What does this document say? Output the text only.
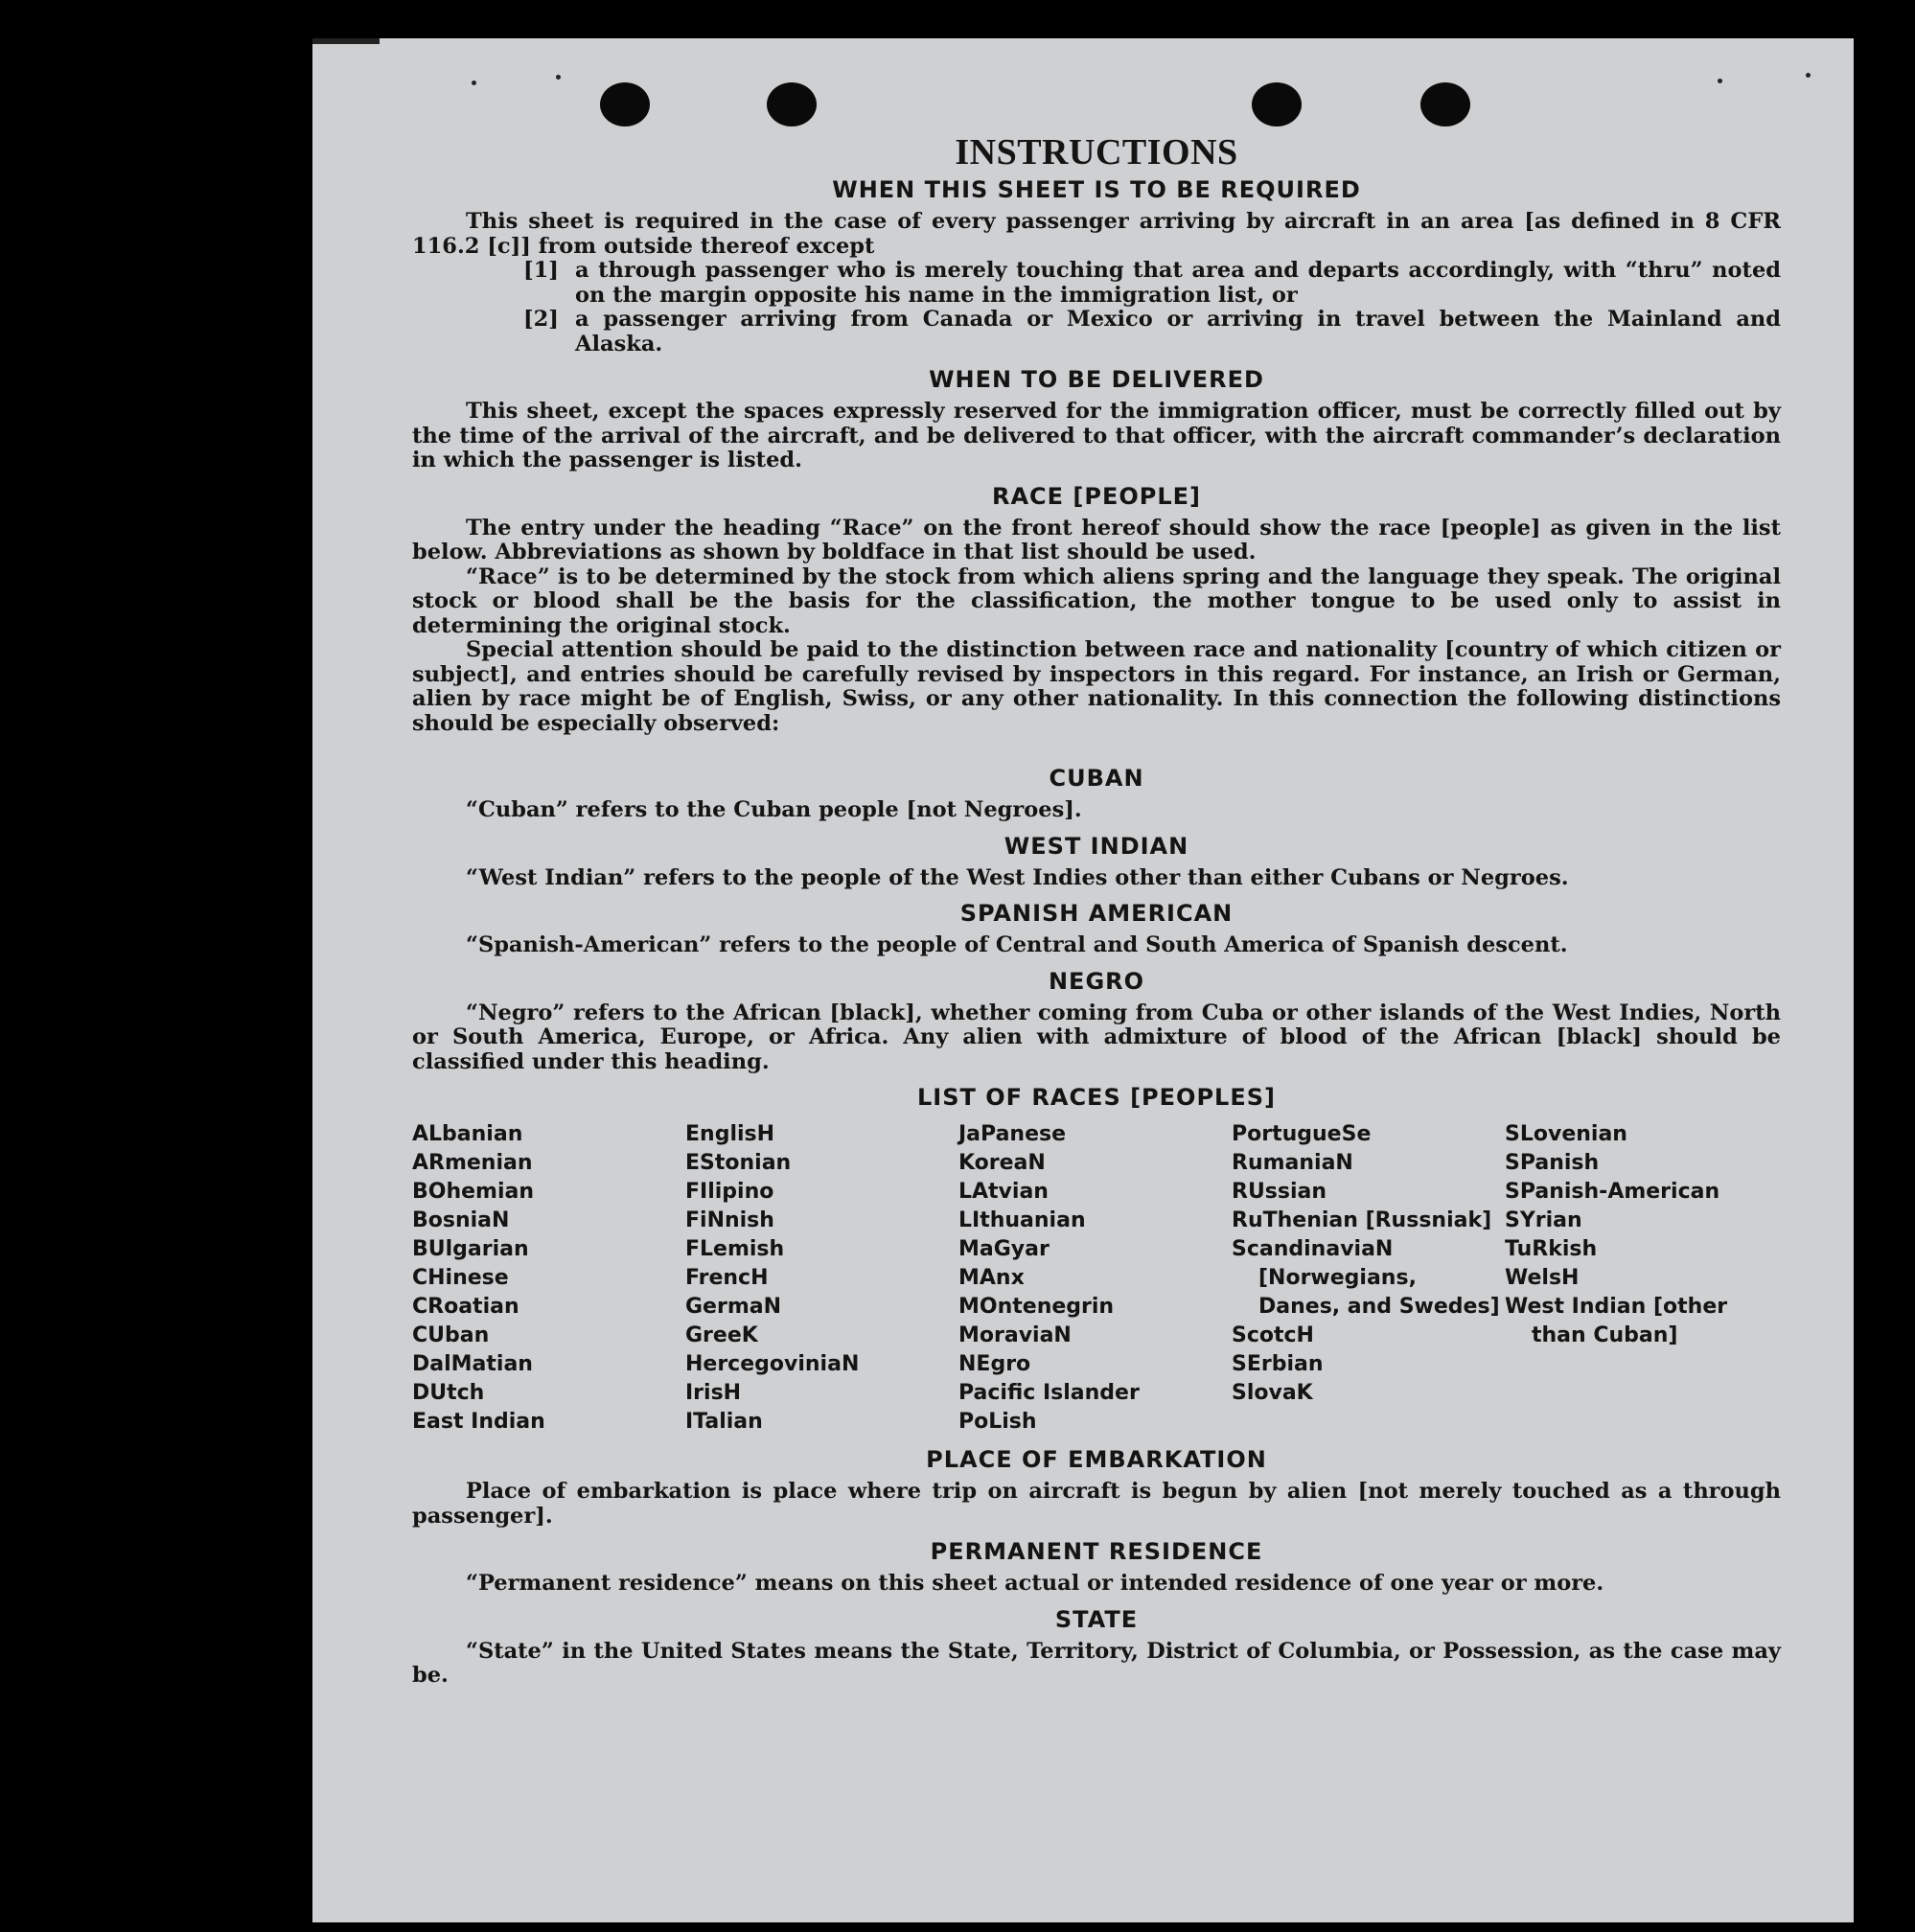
INSTRUCTIONS
WHEN THIS SHEET IS TO BE REQUIRED

This sheet is required in the case of every passenger arriving by aircraft in an area [as defined in 8 CFR 116.2 [c]] from outside thereof except

[1] a through passenger who is merely touching that area and departs accordingly, with “thru” noted on the margin opposite his name in the immigration list, or
[2] a passenger arriving from Canada or Mexico or arriving in travel between the Mainland and Alaska.
WHEN TO BE DELIVERED

This sheet, except the spaces expressly reserved for the immigration officer, must be correctly filled out by the time of the arrival of the aircraft, and be delivered to that officer, with the aircraft commander’s declaration in which the passenger is listed.

RACE [PEOPLE]

The entry under the heading “Race” on the front hereof should show the race [people] as given in the list below. Abbreviations as shown by boldface in that list should be used.

“Race” is to be determined by the stock from which aliens spring and the language they speak. The original stock or blood shall be the basis for the classification, the mother tongue to be used only to assist in determining the original stock.

Special attention should be paid to the distinction between race and nationality [country of which citizen or subject], and entries should be carefully revised by inspectors in this regard. For instance, an Irish or German, alien by race might be of English, Swiss, or any other nationality. In this connection the following distinctions should be especially observed:

CUBAN

“Cuban” refers to the Cuban people [not Negroes].

WEST INDIAN

“West Indian” refers to the people of the West Indies other than either Cubans or Negroes.

SPANISH AMERICAN

“Spanish-American” refers to the people of Central and South America of Spanish descent.

NEGRO

“Negro” refers to the African [black], whether coming from Cuba or other islands of the West Indies, North or South America, Europe, or Africa. Any alien with admixture of blood of the African [black] should be classified under this heading.

LIST OF RACES [PEOPLES]
ALbanian
ARmenian
BOhemian
BosniaN
BUlgarian
CHinese
CRoatian
CUban
DalMatian
DUtch
East Indian
EnglisH
EStonian
FIlipino
FiNnish
FLemish
FrencH
GermaN
GreeK
HercegoviniaN
IrisH
ITalian
JaPanese
KoreaN
LAtvian
LIthuanian
MaGyar
MAnx
MOntenegrin
MoraviaN
NEgro
Pacific Islander
PoLish
PortugueSe
RumaniaN
RUssian
RuThenian [Russniak]
ScandinaviaN [Norwegians, Danes, and Swedes]
ScotcH
SErbian
SlovaK
SLovenian
SPanish
SPanish-American
SYrian
TuRkish
WelsH
West Indian [other than Cuban]
PLACE OF EMBARKATION

Place of embarkation is place where trip on aircraft is begun by alien [not merely touched as a through passenger].

PERMANENT RESIDENCE

“Permanent residence” means on this sheet actual or intended residence of one year or more.

STATE

“State” in the United States means the State, Territory, District of Columbia, or Possession, as the case may be.
